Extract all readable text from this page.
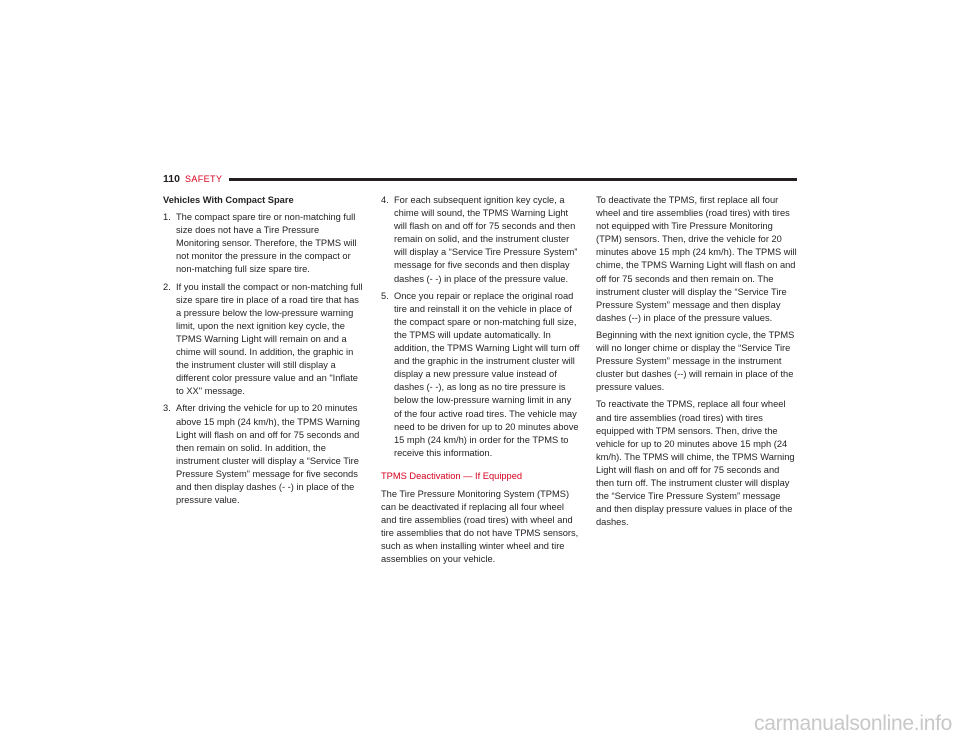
110 SAFETY
Vehicles With Compact Spare
1. The compact spare tire or non-matching full size does not have a Tire Pressure Monitoring sensor. Therefore, the TPMS will not monitor the pressure in the compact or non-matching full size spare tire.
2. If you install the compact or non-matching full size spare tire in place of a road tire that has a pressure below the low-pressure warning limit, upon the next ignition key cycle, the TPMS Warning Light will remain on and a chime will sound. In addition, the graphic in the instrument cluster will still display a different color pressure value and an "Inflate to XX" message.
3. After driving the vehicle for up to 20 minutes above 15 mph (24 km/h), the TPMS Warning Light will flash on and off for 75 seconds and then remain on solid. In addition, the instrument cluster will display a “Service Tire Pressure System” message for five seconds and then display dashes (- -) in place of the pressure value.
4. For each subsequent ignition key cycle, a chime will sound, the TPMS Warning Light will flash on and off for 75 seconds and then remain on solid, and the instrument cluster will display a “Service Tire Pressure System” message for five seconds and then display dashes (- -) in place of the pressure value.
5. Once you repair or replace the original road tire and reinstall it on the vehicle in place of the compact spare or non-matching full size, the TPMS will update automatically. In addition, the TPMS Warning Light will turn off and the graphic in the instrument cluster will display a new pressure value instead of dashes (- -), as long as no tire pressure is below the low-pressure warning limit in any of the four active road tires. The vehicle may need to be driven for up to 20 minutes above 15 mph (24 km/h) in order for the TPMS to receive this information.
TPMS Deactivation — If Equipped

The Tire Pressure Monitoring System (TPMS) can be deactivated if replacing all four wheel and tire assemblies (road tires) with wheel and tire assemblies that do not have TPMS sensors, such as when installing winter wheel and tire assemblies on your vehicle.

To deactivate the TPMS, first replace all four wheel and tire assemblies (road tires) with tires not equipped with Tire Pressure Monitoring (TPM) sensors. Then, drive the vehicle for 20 minutes above 15 mph (24 km/h). The TPMS will chime, the TPMS Warning Light will flash on and off for 75 seconds and then remain on. The instrument cluster will display the “Service Tire Pressure System” message and then display dashes (--) in place of the pressure values.

Beginning with the next ignition cycle, the TPMS will no longer chime or display the “Service Tire Pressure System” message in the instrument cluster but dashes (--) will remain in place of the pressure values.

To reactivate the TPMS, replace all four wheel and tire assemblies (road tires) with tires equipped with TPM sensors. Then, drive the vehicle for up to 20 minutes above 15 mph (24 km/h). The TPMS will chime, the TPMS Warning Light will flash on and off for 75 seconds and then turn off. The instrument cluster will display the “Service Tire Pressure System” message and then display pressure values in place of the dashes.

carmanualsonline.info
